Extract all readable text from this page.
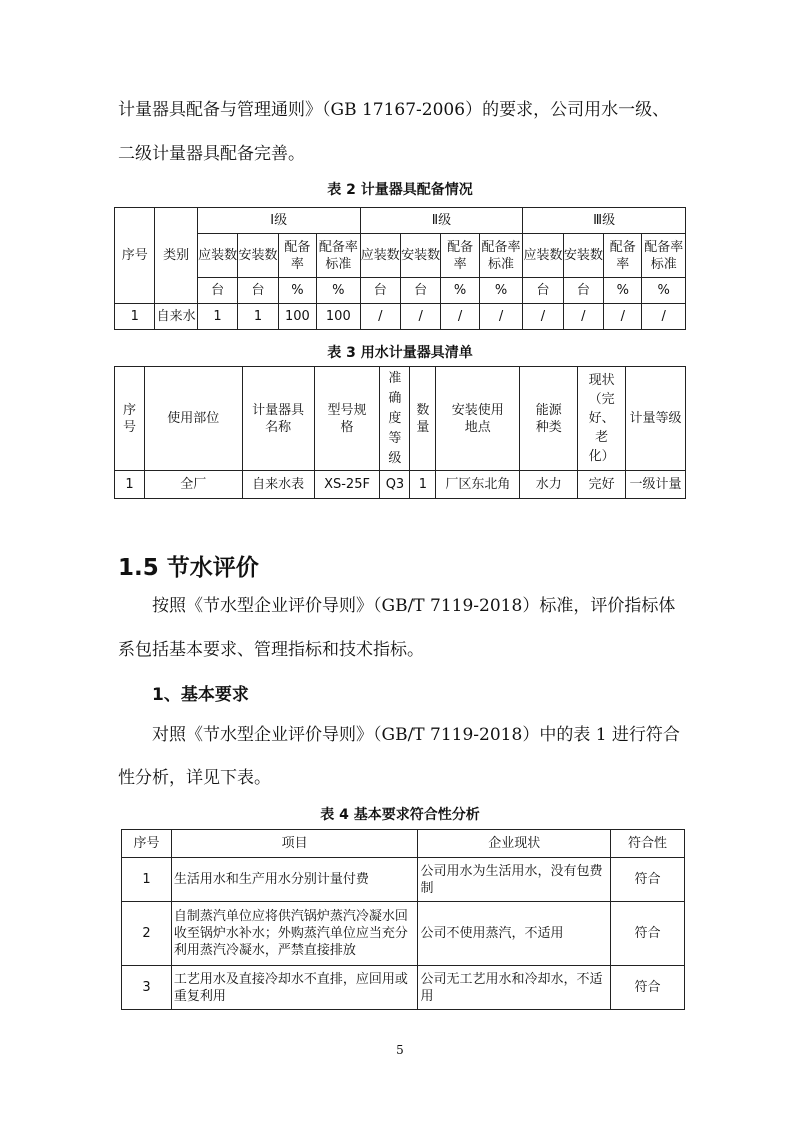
计量器具配备与管理通则》（GB 17167-2006）的要求，公司用水一级、

二级计量器具配备完善。

表 2 计量器具配备情况
序号	类别	Ⅰ级				Ⅱ级				Ⅲ级			
		应装数	安装数	配备率	配备率标准	应装数	安装数	配备率	配备率标准	应装数	安装数	配备率	配备率标准
		台	台	%	%	台	台	%	%	台	台	%	%
1	自来水	1	1	100	100	/	/	/	/	/	/	/	/
表 3 用水计量器具清单
序号	使用部位	计量器具名称	型号规格	准确度等级	数量	安装使用地点	能源种类	现状（完好、老化）	计量等级
1	全厂	自来水表	XS-25F	Q3	1	厂区东北角	水力	完好	一级计量
1.5 节水评价

按照《节水型企业评价导则》（GB/T 7119-2018）标准，评价指标体

系包括基本要求、管理指标和技术指标。

1、基本要求

对照《节水型企业评价导则》（GB/T 7119-2018）中的表 1 进行符合

性分析，详见下表。

表 4 基本要求符合性分析
序号	项目	企业现状	符合性
1	生活用水和生产用水分别计量付费	公司用水为生活用水，没有包费制	符合
2	自制蒸汽单位应将供汽锅炉蒸汽冷凝水回收至锅炉水补水；外购蒸汽单位应当充分利用蒸汽冷凝水，严禁直接排放	公司不使用蒸汽，不适用	符合
3	工艺用水及直接冷却水不直排，应回用或重复利用	公司无工艺用水和冷却水，不适用	符合
5
